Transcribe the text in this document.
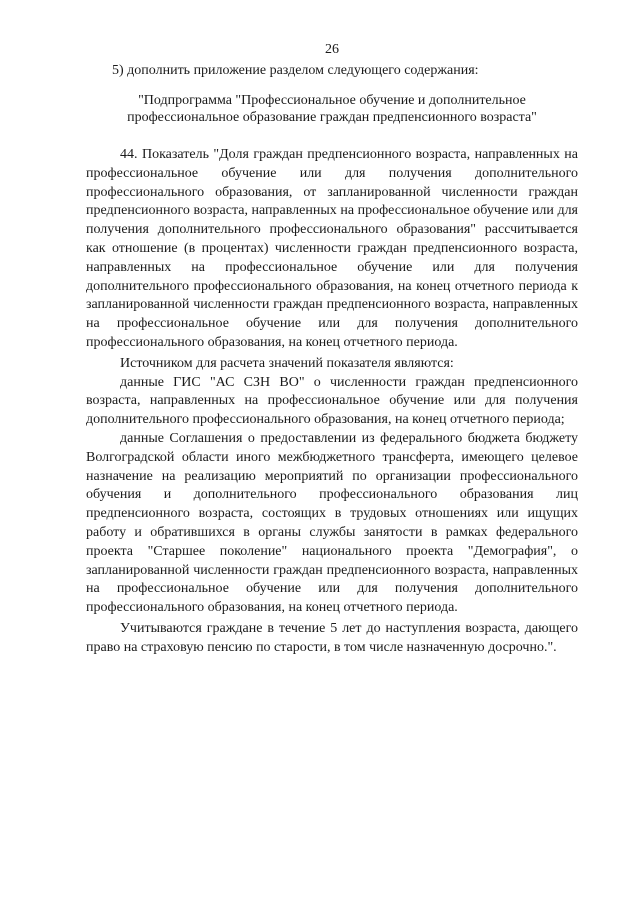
26

5) дополнить приложение разделом следующего содержания:

"Подпрограмма "Профессиональное обучение и дополнительное
профессиональное образование граждан предпенсионного возраста"

44. Показатель "Доля граждан предпенсионного возраста, направленных на профессиональное обучение или для получения дополнительного профессионального образования, от запланированной численности граждан предпенсионного возраста, направленных на профессиональное обучение или для получения дополнительного профессионального образования" рассчитывается как отношение (в процентах) численности граждан предпенсионного возраста, направленных на профессиональное обучение или для получения дополнительного профессионального образования, на конец отчетного периода к запланированной численности граждан предпенсионного возраста, направленных на профессиональное обучение или для получения дополнительного профессионального образования, на конец отчетного периода.

Источником для расчета значений показателя являются:

данные ГИС "АС СЗН ВО" о численности граждан предпенсионного возраста, направленных на профессиональное обучение или для получения дополнительного профессионального образования, на конец отчетного периода;

данные Соглашения о предоставлении из федерального бюджета бюджету Волгоградской области иного межбюджетного трансферта, имеющего целевое назначение на реализацию мероприятий по организации профессионального обучения и дополнительного профессионального образования лиц предпенсионного возраста, состоящих в трудовых отношениях или ищущих работу и обратившихся в органы службы занятости в рамках федерального проекта "Старшее поколение" национального проекта "Демография", о запланированной численности граждан предпенсионного возраста, направленных на профессиональное обучение или для получения дополнительного профессионального образования, на конец отчетного периода.

Учитываются граждане в течение 5 лет до наступления возраста, дающего право на страховую пенсию по старости, в том числе назначенную досрочно.".
